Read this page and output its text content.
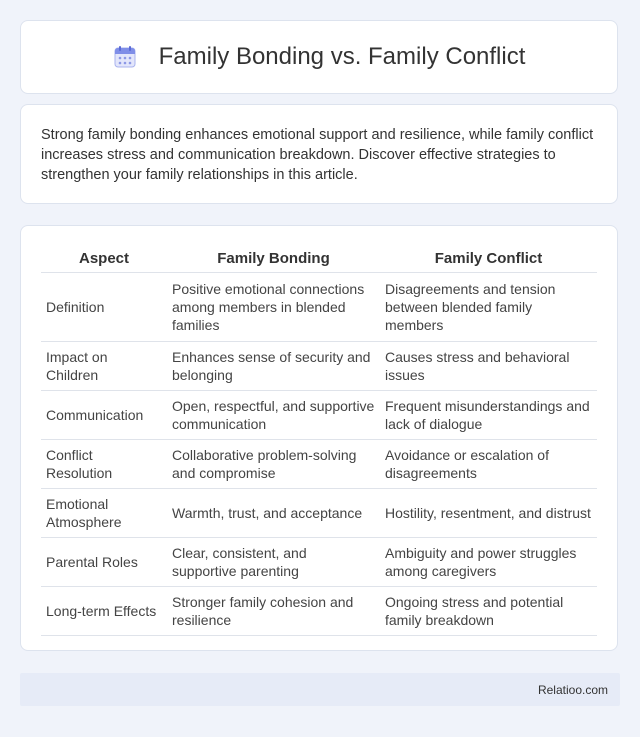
Family Bonding vs. Family Conflict

Strong family bonding enhances emotional support and resilience, while family conflict increases stress and communication breakdown. Discover effective strategies to strengthen your family relationships in this article.

Aspect	Family Bonding	Family Conflict
Definition	Positive emotional connections among members in blended families	Disagreements and tension between blended family members
Impact on Children	Enhances sense of security and belonging	Causes stress and behavioral issues
Communication	Open, respectful, and supportive communication	Frequent misunderstandings and lack of dialogue
Conflict Resolution	Collaborative problem-solving and compromise	Avoidance or escalation of disagreements
Emotional Atmosphere	Warmth, trust, and acceptance	Hostility, resentment, and distrust
Parental Roles	Clear, consistent, and supportive parenting	Ambiguity and power struggles among caregivers
Long-term Effects	Stronger family cohesion and resilience	Ongoing stress and potential family breakdown
Relatioo.com
